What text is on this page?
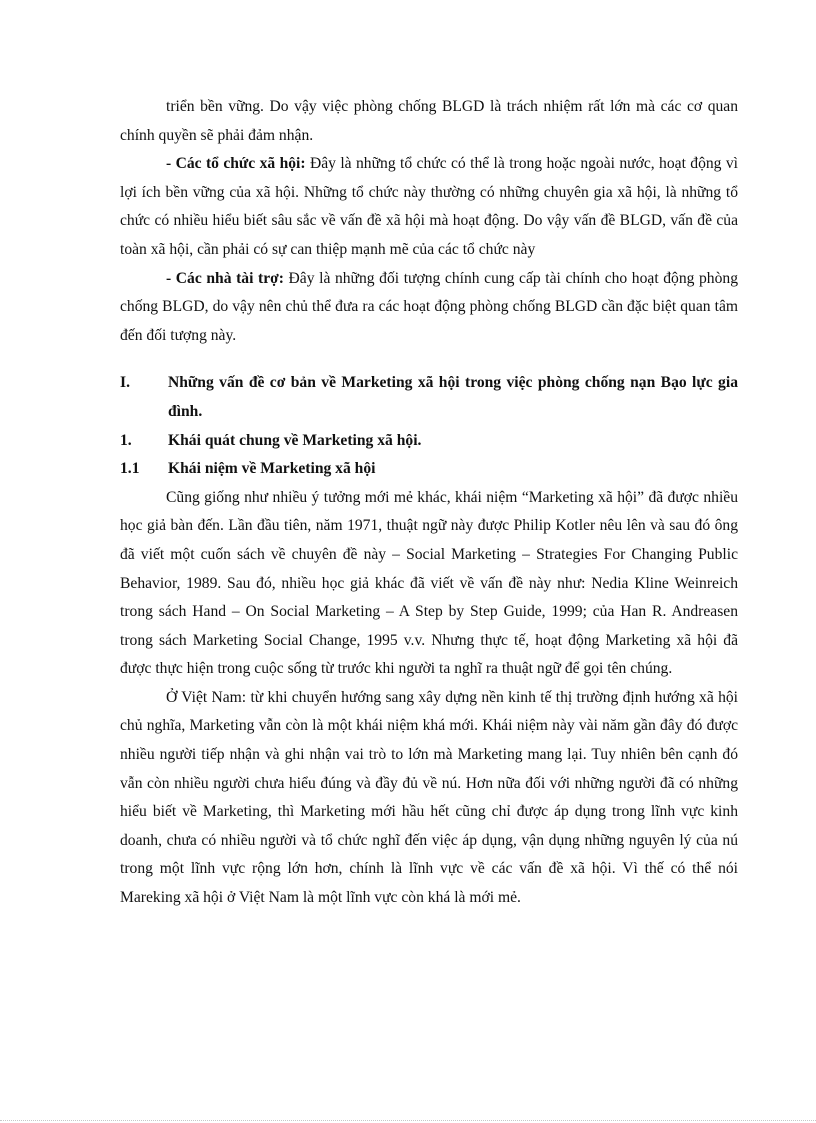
triển bền vững. Do vậy việc phòng chống BLGD là trách nhiệm rất lớn mà các cơ quan chính quyền sẽ phải đảm nhận.

- Các tổ chức xã hội: Đây là những tổ chức có thể là trong hoặc ngoài nước, hoạt động vì lợi ích bền vững của xã hội. Những tổ chức này thường có những chuyên gia xã hội, là những tổ chức có nhiều hiểu biết sâu sắc về vấn đề xã hội mà hoạt động. Do vậy vấn đề BLGD, vấn đề của toàn xã hội, cần phải có sự can thiệp mạnh mẽ của các tổ chức này

- Các nhà tài trợ: Đây là những đối tượng chính cung cấp tài chính cho hoạt động phòng chống BLGD, do vậy nên chủ thể đưa ra các hoạt động phòng chống BLGD cần đặc biệt quan tâm đến đối tượng này.

I.	Những vấn đề cơ bản về Marketing xã hội trong việc phòng chống nạn Bạo lực gia đình.
1.	Khái quát chung về Marketing xã hội.
1.1	Khái niệm về Marketing xã hội

Cũng giống như nhiều ý tưởng mới mẻ khác, khái niệm “Marketing xã hội” đã được nhiều học giả bàn đến. Lần đầu tiên, năm 1971, thuật ngữ này được Philip Kotler nêu lên và sau đó ông đã viết một cuốn sách về chuyên đề này – Social Marketing – Strategies For Changing Public Behavior, 1989. Sau đó, nhiều học giả khác đã viết về vấn đề này như: Nedia Kline Weinreich trong sách Hand – On Social Marketing – A Step by Step Guide, 1999; của Han R. Andreasen trong sách Marketing Social Change, 1995 v.v. Nhưng thực tế, hoạt động Marketing xã hội đã được thực hiện trong cuộc sống từ trước khi người ta nghĩ ra thuật ngữ để gọi tên chúng.

Ở Việt Nam: từ khi chuyển hướng sang xây dựng nền kinh tế thị trường định hướng xã hội chủ nghĩa, Marketing vẫn còn là một khái niệm khá mới. Khái niệm này vài năm gần đây đó được nhiều người tiếp nhận và ghi nhận vai trò to lớn mà Marketing mang lại. Tuy nhiên bên cạnh đó vẫn còn nhiều người chưa hiểu đúng và đầy đủ về nú. Hơn nữa đối với những người đã có những hiểu biết về Marketing, thì Marketing mới hầu hết cũng chỉ được áp dụng trong lĩnh vực kinh doanh, chưa có nhiều người và tổ chức nghĩ đến việc áp dụng, vận dụng những nguyên lý của nú trong một lĩnh vực rộng lớn hơn, chính là lĩnh vực về các vấn đề xã hội. Vì thế có thể nói Mareking xã hội ở Việt Nam là một lĩnh vực còn khá là mới mẻ.
